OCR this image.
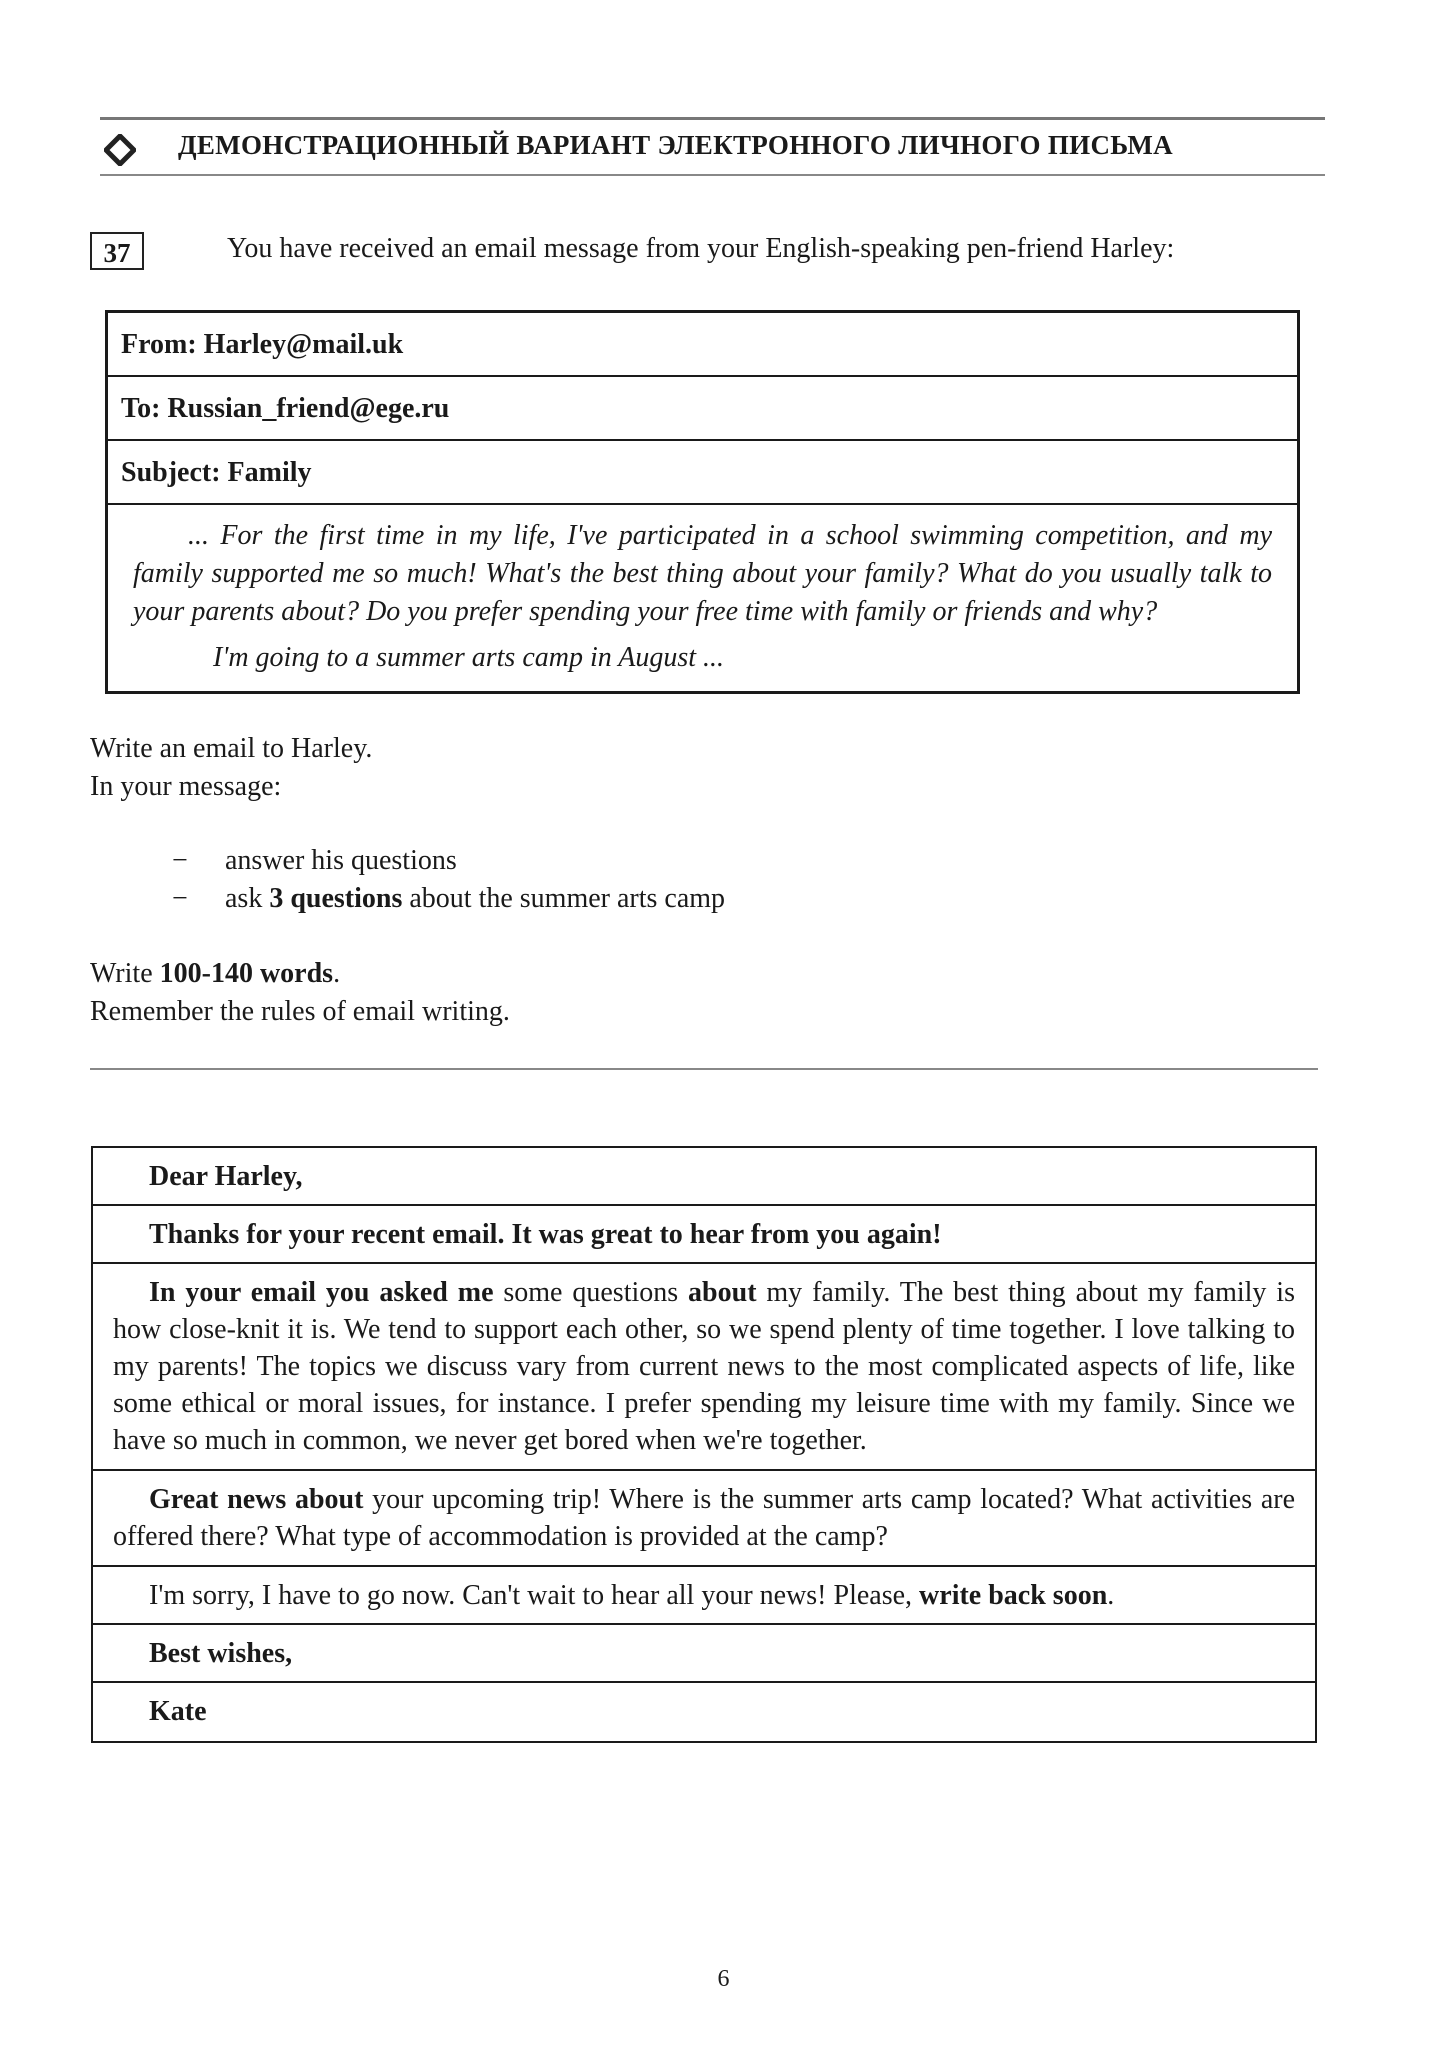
ДЕМОНСТРАЦИОННЫЙ ВАРИАНТ ЭЛЕКТРОННОГО ЛИЧНОГО ПИСЬМА
37	You have received an email message from your English-speaking pen-friend Harley:
From: Harley@mail.uk
To: Russian_friend@ege.ru
Subject: Family

... For the first time in my life, I've participated in a school swimming competition, and my family supported me so much! What's the best thing about your family? What do you usually talk to your parents about? Do you prefer spending your free time with family or friends and why?

I'm going to a summer arts camp in August ...

Write an email to Harley.
In your message:
− answer his questions
− ask 3 questions about the summer arts camp
Write 100-140 words.
Remember the rules of email writing.
Dear Harley,
Thanks for your recent email. It was great to hear from you again!
In your email you asked me some questions about my family. The best thing about my family is how close-knit it is. We tend to support each other, so we spend plenty of time together. I love talking to my parents! The topics we discuss vary from current news to the most complicated aspects of life, like some ethical or moral issues, for instance. I prefer spending my leisure time with my family. Since we have so much in common, we never get bored when we're together.
Great news about your upcoming trip! Where is the summer arts camp located? What activities are offered there? What type of accommodation is provided at the camp?
I'm sorry, I have to go now. Can't wait to hear all your news! Please, write back soon.
Best wishes,
Kate
6
